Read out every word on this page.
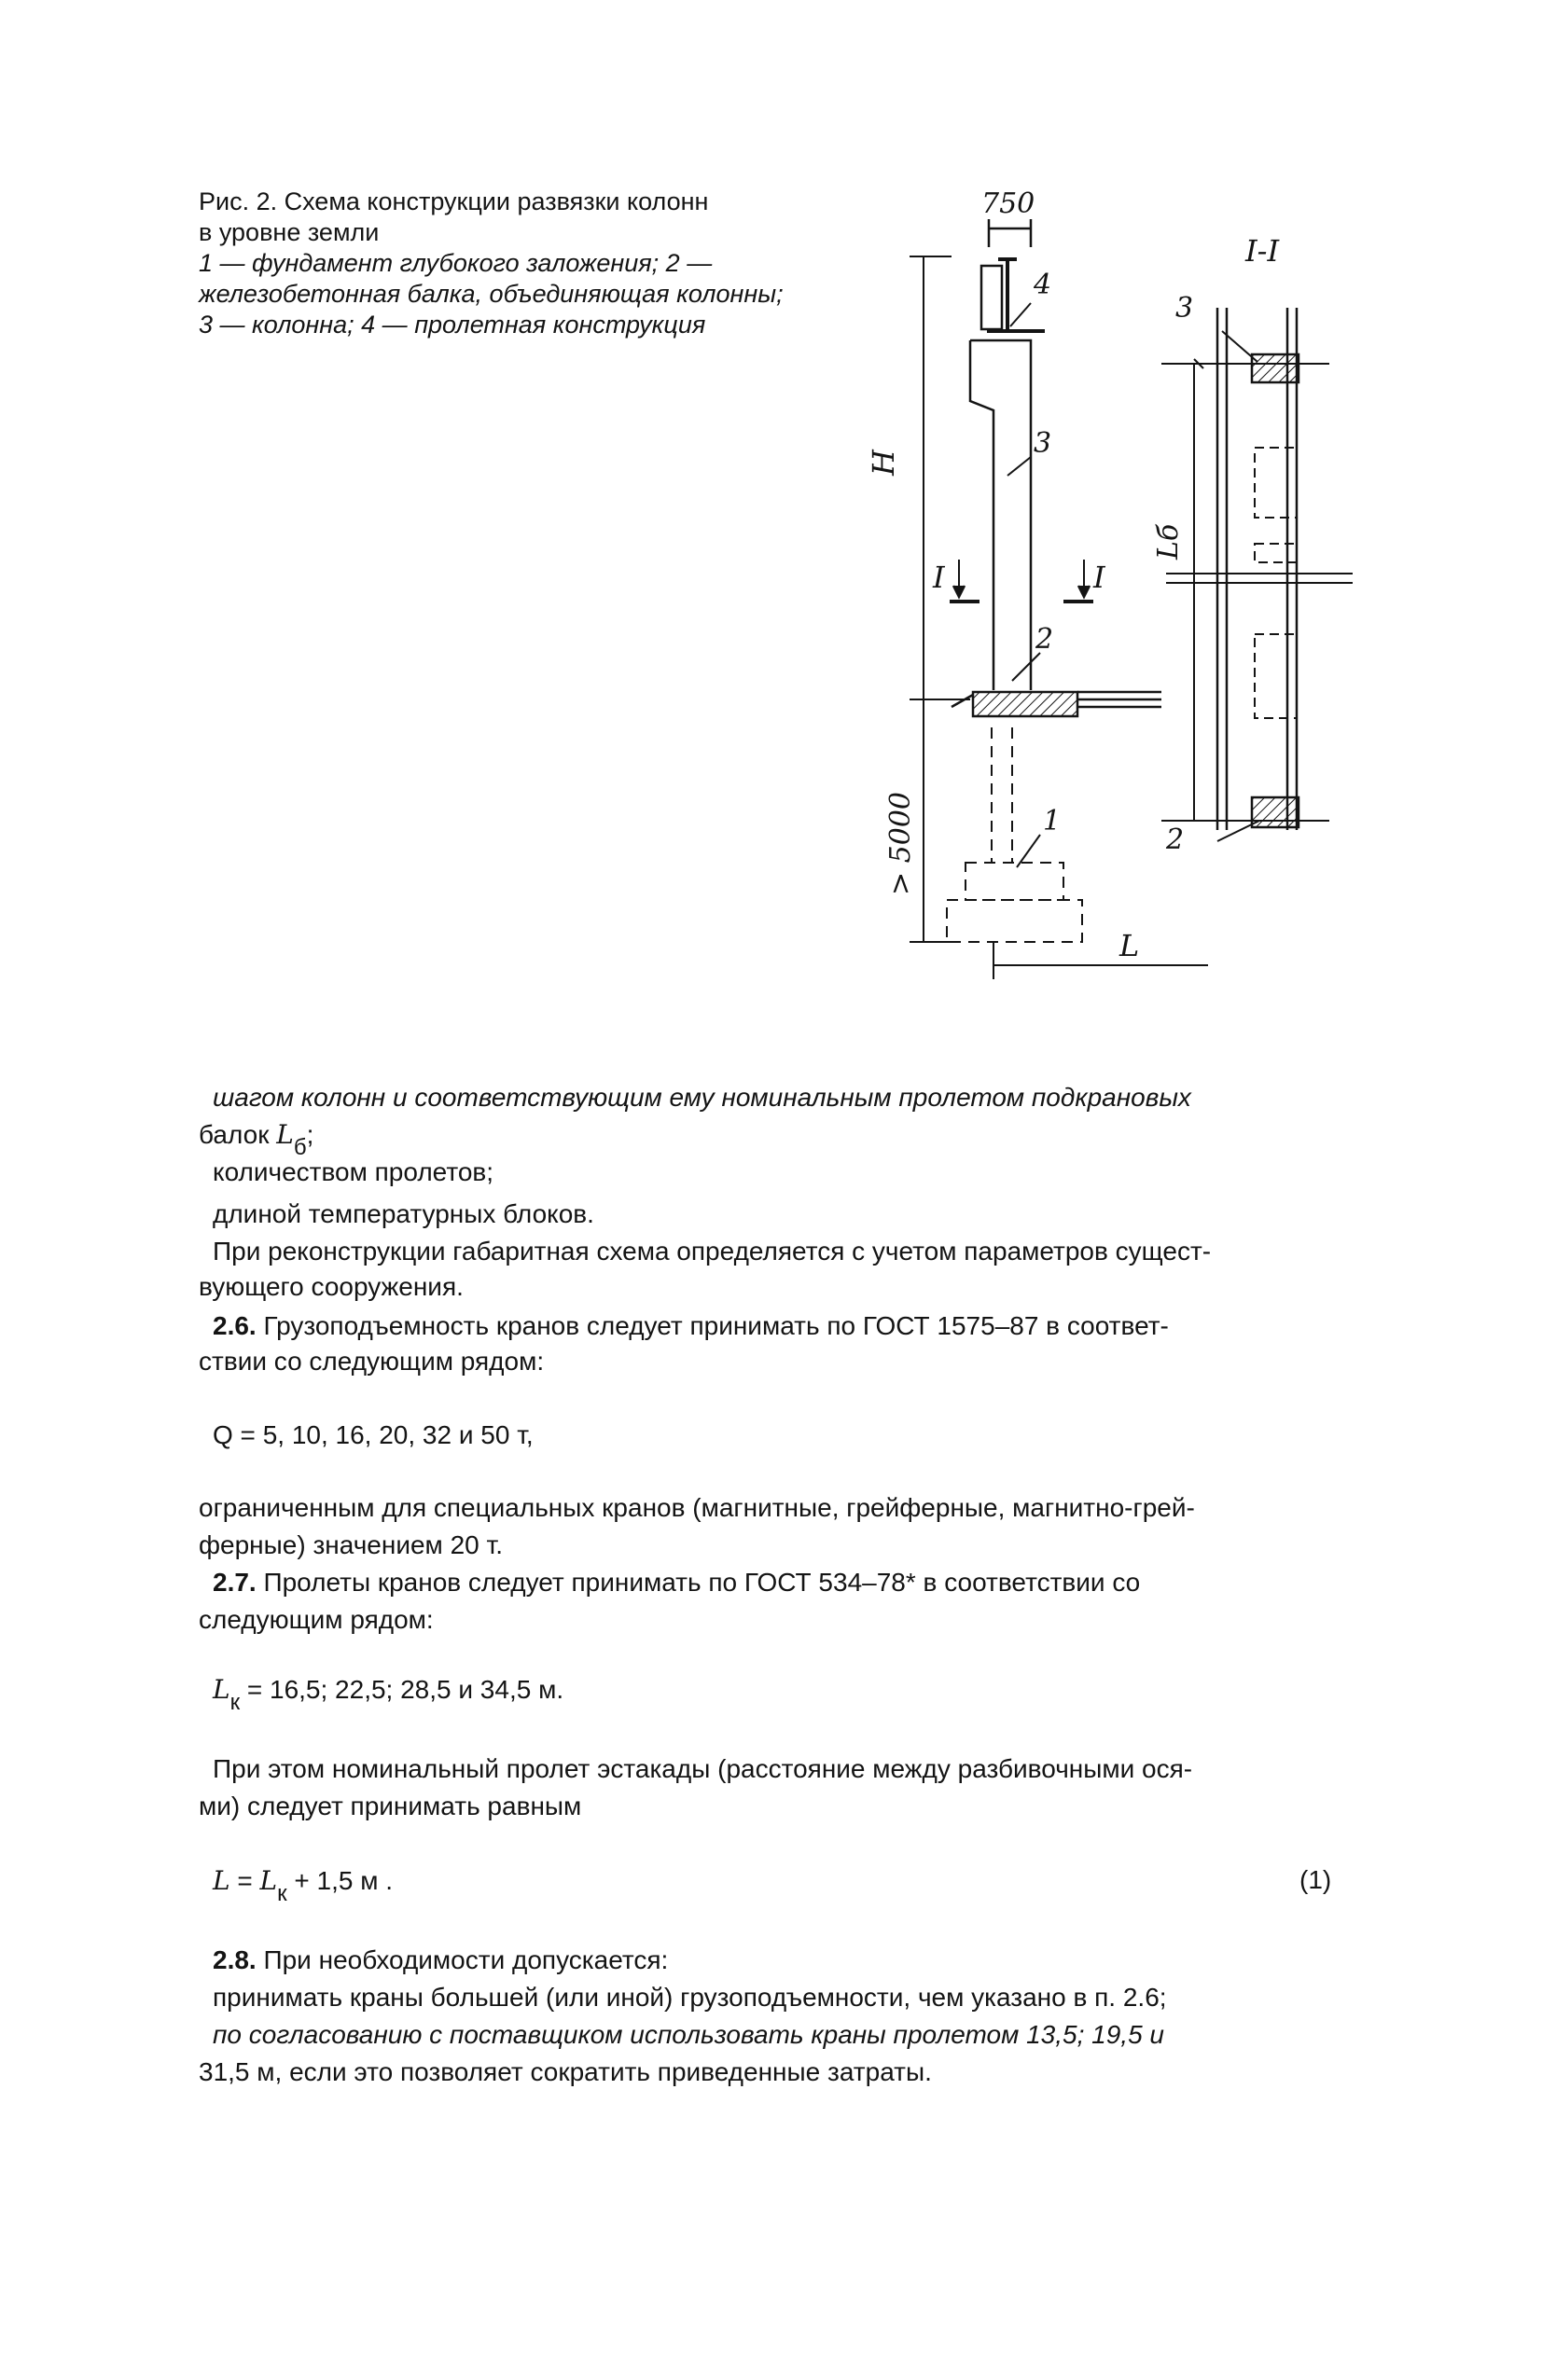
Рис. 2. Схема конструкции развязки колонн
в уровне земли
1 — фундамент глубокого заложения; 2 —
железобетонная балка, объединяющая колонны;
3 — колонна; 4 — пролетная конструкция
750
4
3
H
I	I
2
> 5000	1
L
I-I
3
Lб
2
шагом колонн и соответствующим ему номинальным пролетом подкрановых
балок Lб;
количеством пролетов;
длиной температурных блоков.
При реконструкции габаритная схема определяется с учетом параметров сущест-
вующего сооружения.
2.6. Грузоподъемность кранов следует принимать по ГОСТ 1575–87 в соответ-
ствии со следующим рядом:
Q = 5, 10, 16, 20, 32 и 50 т,
ограниченным для специальных кранов (магнитные, грейферные, магнитно-грей-
ферные) значением 20 т.
2.7. Пролеты кранов следует принимать по ГОСТ 534–78* в соответствии со
следующим рядом:
Lк = 16,5; 22,5; 28,5 и 34,5 м.
При этом номинальный пролет эстакады (расстояние между разбивочными ося-
ми) следует принимать равным
L = Lк + 1,5 м .	(1)
2.8. При необходимости допускается:
принимать краны большей (или иной) грузоподъемности, чем указано в п. 2.6;
по согласованию с поставщиком использовать краны пролетом 13,5; 19,5 и
31,5 м, если это позволяет сократить приведенные затраты.
